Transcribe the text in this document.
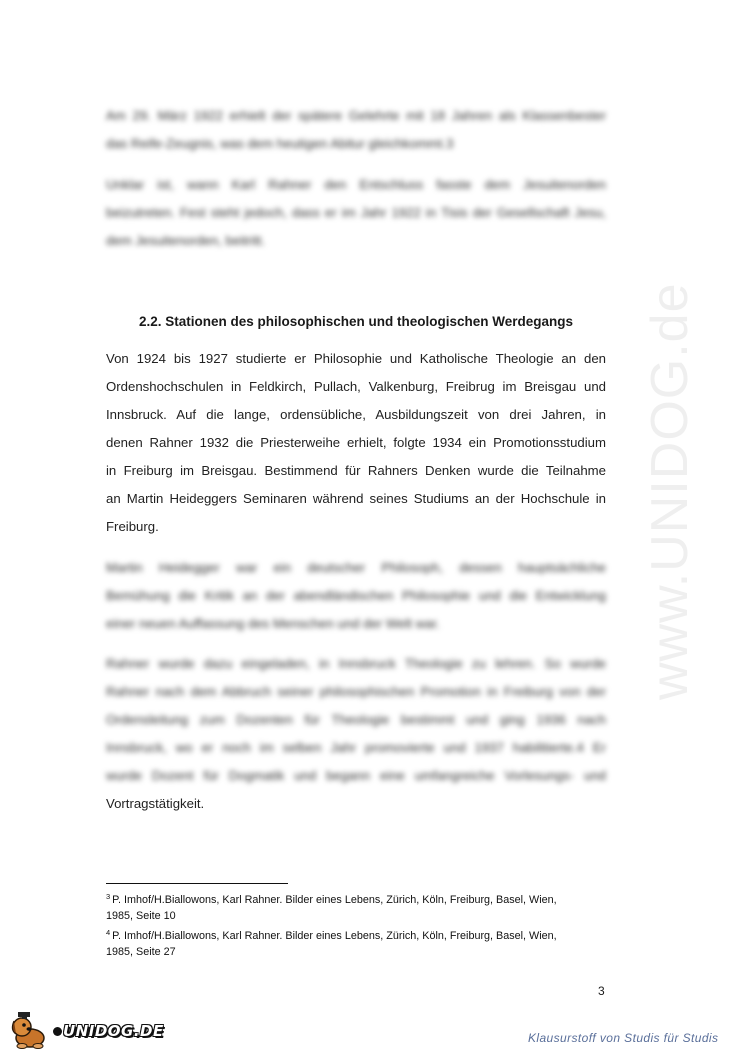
www.UNIDOG.de
Am 29. März 1922 erhielt der spätere Gelehrte mit 18 Jahren als Klassenbester
das Reife-Zeugnis, was dem heutigen Abitur gleichkommt.3
Unklar ist, wann Karl Rahner den Entschluss fasste dem Jesuitenorden
beizutreten. Fest steht jedoch, dass er im Jahr 1922 in Tisis der Gesellschaft Jesu,
dem Jesuitenorden, beitritt.
2.2. Stationen des philosophischen und theologischen Werdegangs
Von 1924 bis 1927 studierte er Philosophie und Katholische Theologie an den
Ordenshochschulen in Feldkirch, Pullach, Valkenburg, Freibrug im Breisgau und
Innsbruck. Auf die lange, ordensübliche, Ausbildungszeit von drei Jahren, in
denen Rahner 1932 die Priesterweihe erhielt, folgte 1934 ein Promotionsstudium
in Freiburg im Breisgau. Bestimmend für Rahners Denken wurde die Teilnahme
an Martin Heideggers Seminaren während seines Studiums an der Hochschule in
Freiburg.
Martin Heidegger war ein deutscher Philosoph, dessen hauptsächliche
Bemühung die Kritik an der abendländischen Philosophie und die Entwicklung
einer neuen Auffassung des Menschen und der Welt war.
Rahner wurde dazu eingeladen, in Innsbruck Theologie zu lehren. So wurde
Rahner nach dem Abbruch seiner philosophischen Promotion in Freiburg von der
Ordensleitung zum Dozenten für Theologie bestimmt und ging 1936 nach
Innsbruck, wo er noch im selben Jahr promovierte und 1937 habilitierte.4 Er
wurde Dozent für Dogmatik und begann eine umfangreiche Vorlesungs- und
Vortragstätigkeit.
$^3$ P. Imhof/H.Biallowons, Karl Rahner. Bilder eines Lebens, Zürich, Köln, Freiburg, Basel, Wien,
1985, Seite 10
$^4$ P. Imhof/H.Biallowons, Karl Rahner. Bilder eines Lebens, Zürich, Köln, Freiburg, Basel, Wien,
1985, Seite 27
3
UNIDOG.DE	Klausurstoff von Studis für Studis
